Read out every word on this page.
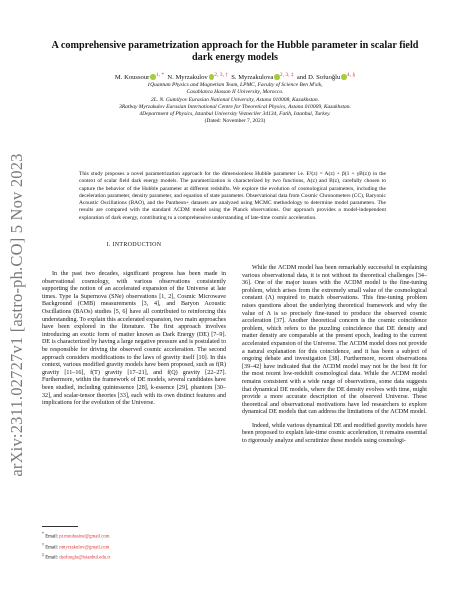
arXiv:2311.02727v1 [astro-ph.CO] 5 Nov 2023
A comprehensive parametrization approach for the Hubble parameter in scalar field dark energy models
M. Koussour $^{1, *}$ N. Myrzakulov $^{2, 3, \dagger}$ S. Myrzakulova $^{2, 3, \ddagger}$  and D. Sofuoğlu $^{4, \S}$
1Quantum Physics and Magnetism Team, LPMC, Faculty of Science Ben M'sik,
Casablanca Hassan II University, Morocco.
2L. N. Gumilyov Eurasian National University, Astana 010008, Kazakhstan.
3Ratbay Myrzakulov Eurasian International Centre for Theoretical Physics, Astana 010009, Kazakhstan.
4Department of Physics, Istanbul University Vezneciler 34134, Fatih, Istanbul, Turkey.
(Dated: November 7, 2023)
This study proposes a novel parametrization approach for the dimensionless Hubble parameter i.e. E²(z) = A(z) + β(1 + γB(z)) in the context of scalar field dark energy models. The parametrization is characterized by two functions, A(z) and B(z), carefully chosen to capture the behavior of the Hubble parameter at different redshifts. We explore the evolution of cosmological parameters, including the deceleration parameter, density parameter, and equation of state parameter. Observational data from Cosmic Chronometers (CC), Baryonic Acoustic Oscillations (BAO), and the Pantheon+ datasets are analyzed using MCMC methodology to determine model parameters. The results are compared with the standard ΛCDM model using the Planck observations. Our approach provides a model-independent exploration of dark energy, contributing to a comprehensive understanding of late-time cosmic acceleration.
I. INTRODUCTION

In the past two decades, significant progress has been made in observational cosmology, with various observations consistently supporting the notion of an accelerated expansion of the Universe at late times. Type Ia Supernova (SNe) observations [1, 2], Cosmic Microwave Background (CMB) measurements [3, 4], and Baryon Acoustic Oscillations (BAOs) studies [5, 6] have all contributed to reinforcing this understanding. To explain this accelerated expansion, two main approaches have been explored in the literature. The first approach involves introducing an exotic form of matter known as Dark Energy (DE) [7–9]. DE is characterized by having a large negative pressure and is postulated to be responsible for driving the observed cosmic acceleration. The second approach considers modifications to the laws of gravity itself [10]. In this context, various modified gravity models have been proposed, such as f(R) gravity [11–16], f(T) gravity [17–21], and f(Q) gravity [22–27]. Furthermore, within the framework of DE models, several candidates have been studied, including quintessence [28], k-essence [29], phantom [30–32], and scalar-tensor theories [33], each with its own distinct features and implications for the evolution of the Universe.

While the ΛCDM model has been remarkably successful in explaining various observational data, it is not without its theoretical challenges [34–36]. One of the major issues with the ΛCDM model is the fine-tuning problem, which arises from the extremely small value of the cosmological constant (Λ) required to match observations. This fine-tuning problem raises questions about the underlying theoretical framework and why the value of Λ is so precisely fine-tuned to produce the observed cosmic acceleration [37]. Another theoretical concern is the cosmic coincidence problem, which refers to the puzzling coincidence that DE density and matter density are comparable at the present epoch, leading to the current accelerated expansion of the Universe. The ΛCDM model does not provide a natural explanation for this coincidence, and it has been a subject of ongoing debate and investigation [38]. Furthermore, recent observations [39–42] have indicated that the ΛCDM model may not be the best fit for the most recent low-redshift cosmological data. While the ΛCDM model remains consistent with a wide range of observations, some data suggests that dynamical DE models, where the DE density evolves with time, might provide a more accurate description of the observed Universe. These theoretical and observational motivations have led researchers to explore dynamical DE models that can address the limitations of the ΛCDM model.

Indeed, while various dynamical DE and modified gravity models have been proposed to explain late-time cosmic acceleration, it remains essential to rigorously analyze and scrutinize these models using cosmologi-

* Email: pr.mouhssine@gmail.com
† Email: nmyrzakulov@gmail.com
‡ Email: dsofuoglu@istanbul.edu.tr
